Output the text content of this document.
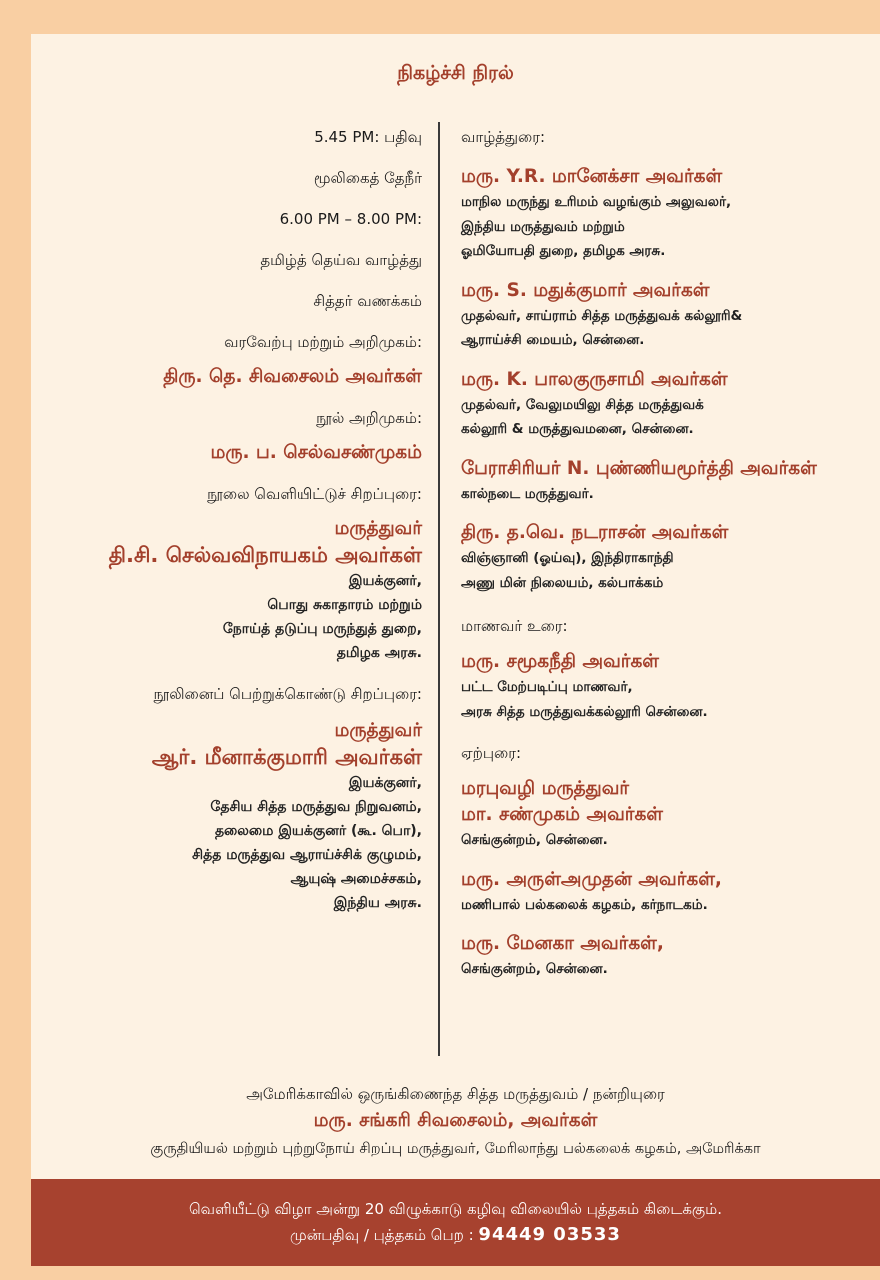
நிகழ்ச்சி நிரல்
5.45 PM: பதிவு
மூலிகைத் தேநீர்
6.00 PM – 8.00 PM:
தமிழ்த் தெய்வ வாழ்த்து
சித்தர் வணக்கம்
வரவேற்பு மற்றும் அறிமுகம்:
திரு. தெ. சிவசைலம் அவர்கள்
நூல் அறிமுகம்:
மரு. ப. செல்வசண்முகம்
நூலை வெளியிட்டுச் சிறப்புரை:
மருத்துவர்
தி.சி. செல்வவிநாயகம் அவர்கள்
இயக்குனர்,
பொது சுகாதாரம் மற்றும்
நோய்த் தடுப்பு மருந்துத் துறை,
தமிழக அரசு.
நூலினைப் பெற்றுக்கொண்டு சிறப்புரை:
மருத்துவர்
ஆர். மீனாக்குமாரி அவர்கள்
இயக்குனர்,
தேசிய சித்த மருத்துவ நிறுவனம்,
தலைமை இயக்குனர் (கூ. பொ),
சித்த மருத்துவ ஆராய்ச்சிக் குழுமம்,
ஆயுஷ் அமைச்சகம்,
இந்திய அரசு.
வாழ்த்துரை:
மரு. Y.R. மானேக்சா அவர்கள்
மாநில மருந்து உரிமம் வழங்கும் அலுவலர்,
இந்திய மருத்துவம் மற்றும்
ஓமியோபதி துறை, தமிழக அரசு.
மரு. S. மதுக்குமார் அவர்கள்
முதல்வர், சாய்ராம் சித்த மருத்துவக் கல்லூரி&
ஆராய்ச்சி மையம், சென்னை.
மரு. K. பாலகுருசாமி அவர்கள்
முதல்வர், வேலுமயிலு சித்த மருத்துவக்
கல்லூரி & மருத்துவமனை, சென்னை.
பேராசிரியர் N. புண்ணியமூர்த்தி அவர்கள்
கால்நடை மருத்துவர்.
திரு. த.வெ. நடராசன் அவர்கள்
விஞ்ஞானி (ஓய்வு), இந்திராகாந்தி
அணு மின் நிலையம், கல்பாக்கம்
மாணவர் உரை:
மரு. சமூகநீதி அவர்கள்
பட்ட மேற்படிப்பு மாணவர்,
அரசு சித்த மருத்துவக்கல்லூரி சென்னை.
ஏற்புரை:
மரபுவழி மருத்துவர்
மா. சண்முகம் அவர்கள்
செங்குன்றம், சென்னை.
மரு. அருள்அமுதன் அவர்கள்,
மணிபால் பல்கலைக் கழகம், கர்நாடகம்.
மரு. மேனகா அவர்கள்,
செங்குன்றம், சென்னை.
அமேரிக்காவில் ஒருங்கிணைந்த சித்த மருத்துவம் / நன்றியுரை
மரு. சங்கரி சிவசைலம், அவர்கள்
குருதியியல் மற்றும் புற்றுநோய் சிறப்பு மருத்துவர், மேரிலாந்து பல்கலைக் கழகம், அமேரிக்கா
வெளியீட்டு விழா அன்று 20 விழுக்காடு கழிவு விலையில் புத்தகம் கிடைக்கும்.
முன்பதிவு / புத்தகம் பெற : 94449 03533
